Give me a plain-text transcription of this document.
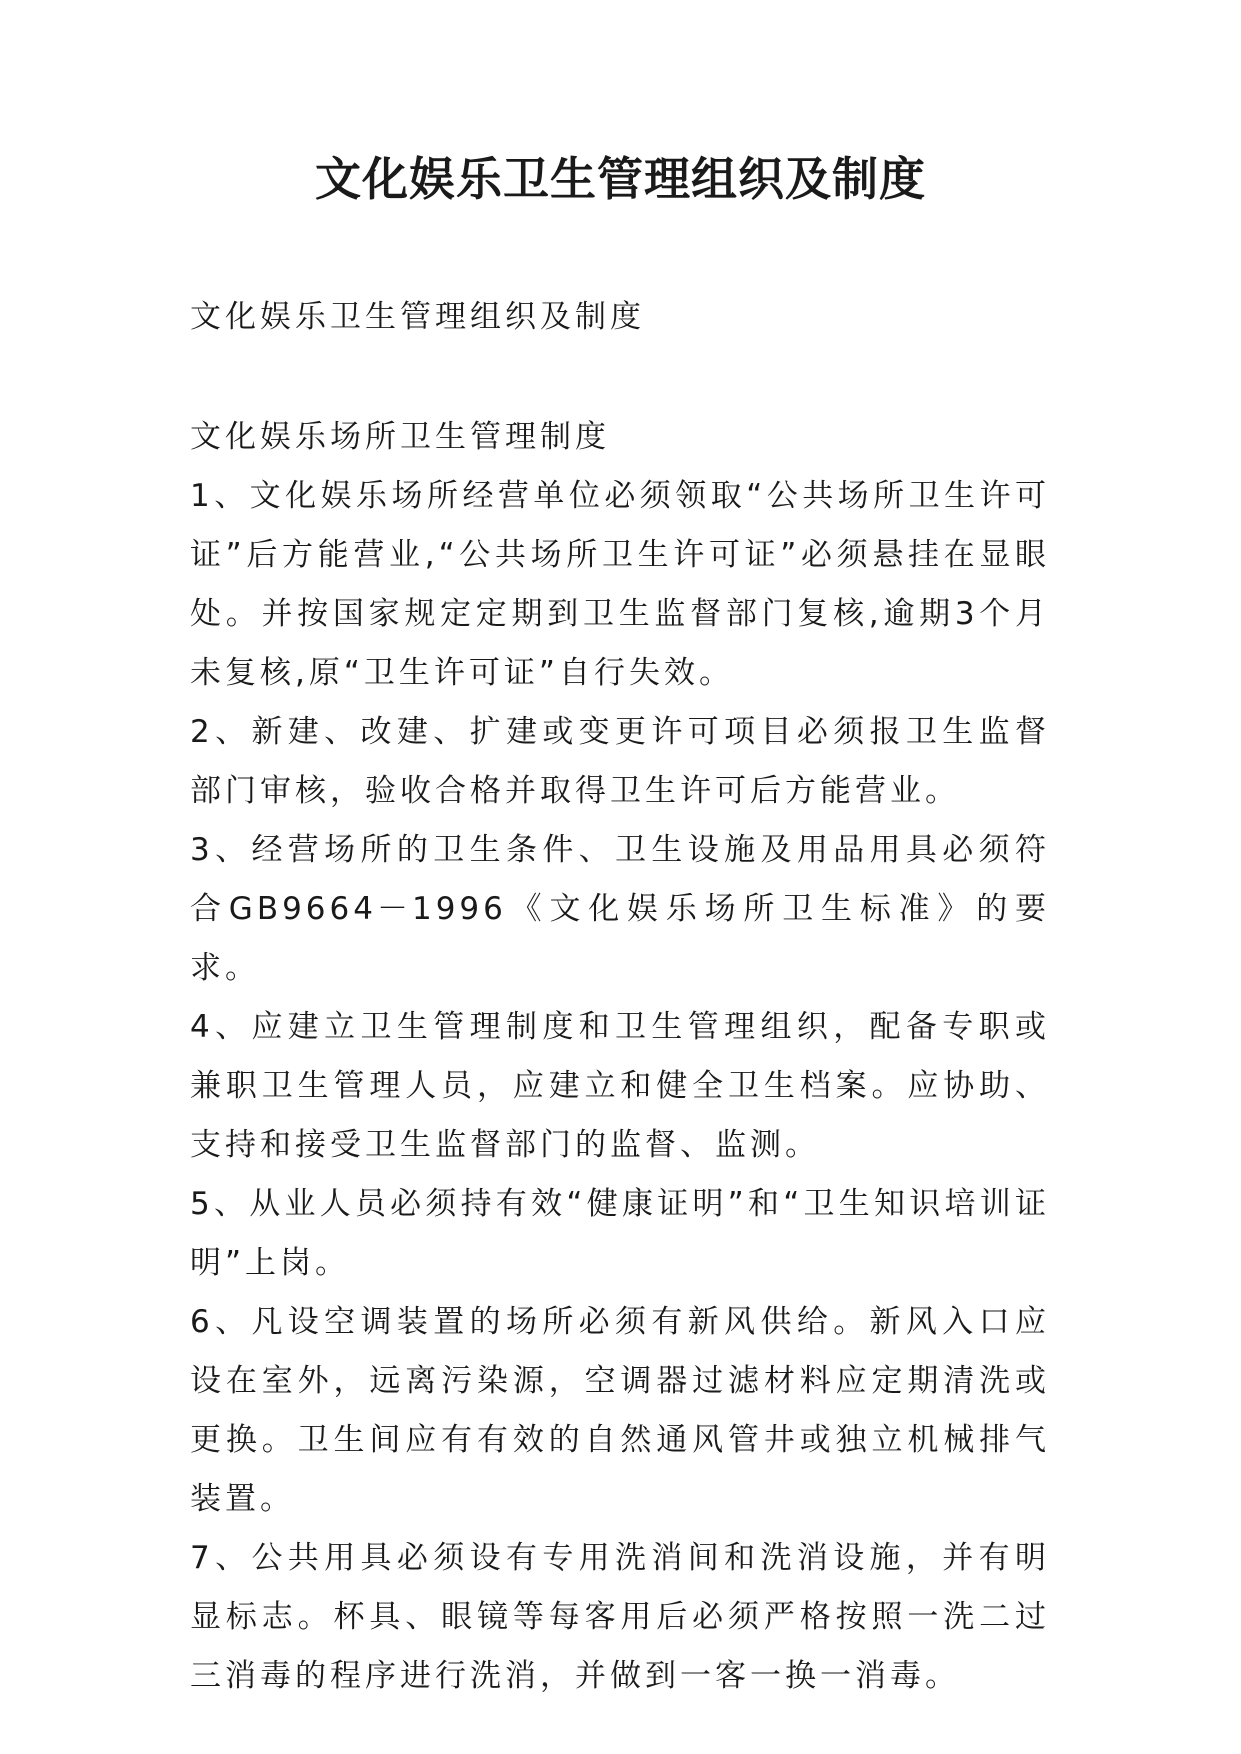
文化娱乐卫生管理组织及制度

文化娱乐卫生管理组织及制度

文化娱乐场所卫生管理制度

1、文化娱乐场所经营单位必须领取“公共场所卫生许可证”后方能营业,“公共场所卫生许可证”必须悬挂在显眼处。并按国家规定定期到卫生监督部门复核,逾期3个月未复核,原“卫生许可证”自行失效。
2、新建、改建、扩建或变更许可项目必须报卫生监督部门审核，验收合格并取得卫生许可后方能营业。
3、经营场所的卫生条件、卫生设施及用品用具必须符合GB9664－1996《文化娱乐场所卫生标准》的要求。
4、应建立卫生管理制度和卫生管理组织，配备专职或兼职卫生管理人员，应建立和健全卫生档案。应协助、支持和接受卫生监督部门的监督、监测。
5、从业人员必须持有效“健康证明”和“卫生知识培训证明”上岗。
6、凡设空调装置的场所必须有新风供给。新风入口应设在室外，远离污染源，空调器过滤材料应定期清洗或更换。卫生间应有有效的自然通风管井或独立机械排气装置。
7、公共用具必须设有专用洗消间和洗消设施，并有明显标志。杯具、眼镜等每客用后必须严格按照一洗二过三消毒的程序进行洗消，并做到一客一换一消毒。
